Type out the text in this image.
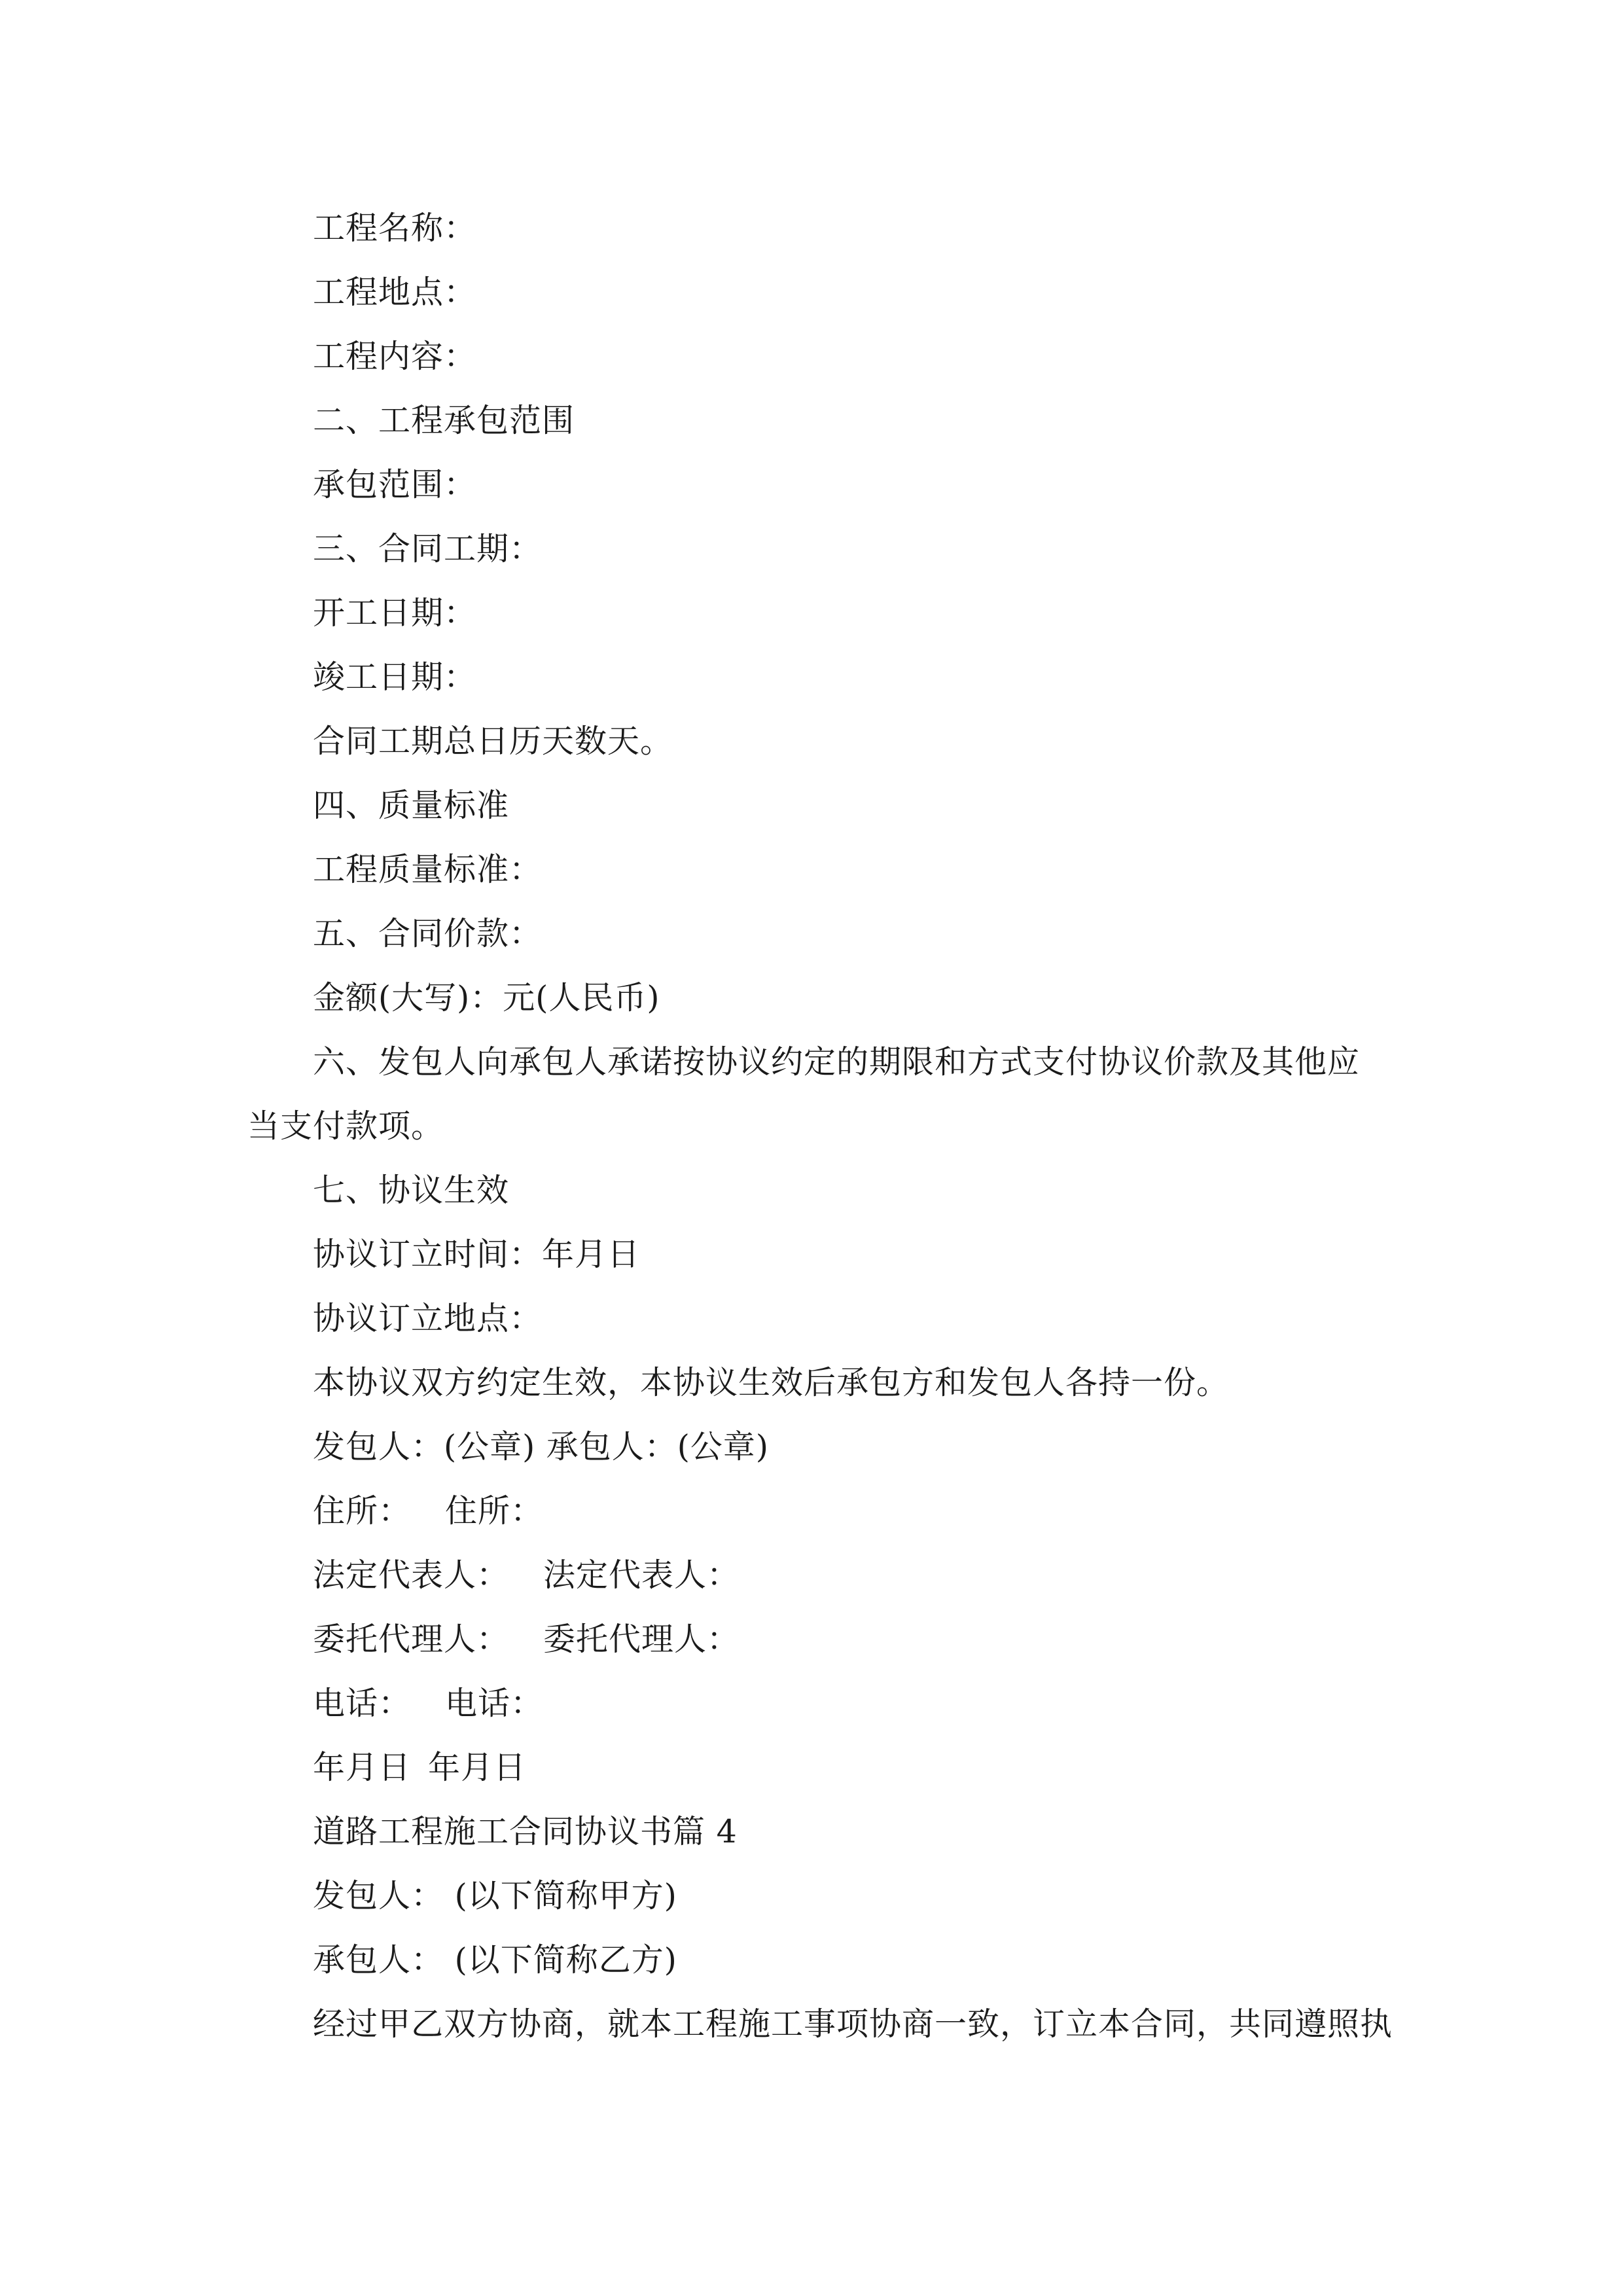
工程名称：

工程地点：

工程内容：

二、工程承包范围

承包范围：

三、合同工期：

开工日期：

竣工日期：

合同工期总日历天数天。

四、质量标准

工程质量标准：

五、合同价款：

金额(大写)：元(人民币)

六、发包人向承包人承诺按协议约定的期限和方式支付协议价款及其他应当支付款项。

七、协议生效

协议订立时间：年月日

协议订立地点：

本协议双方约定生效，本协议生效后承包方和发包人各持一份。

发包人：(公章) 承包人：(公章)

住所： 住所：

法定代表人： 法定代表人：

委托代理人： 委托代理人：

电话： 电话：

年月日 年月日

道路工程施工合同协议书篇 4

发包人： (以下简称甲方)

承包人： (以下简称乙方)

经过甲乙双方协商，就本工程施工事项协商一致，订立本合同，共同遵照执
